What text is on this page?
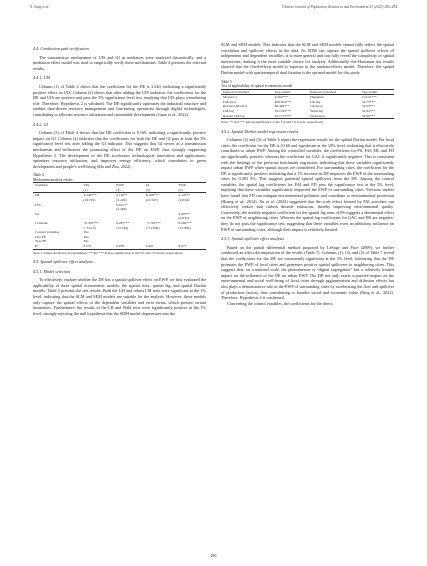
X. Song et al.	Chinese Journal of Population, Resources and Environment 23 (2023) 285–294
4.4. Conduction path verification

The transmission mechanisms of UIS and GI as mediators were analyzed theoretically, and a mediation effect model was used to empirically verify these mechanisms. Table 4 presents the relevant results.

4.4.1. UIS

Column (1) of Table 4 shows that the coefficient for the DE is 3.240, indicating a significantly positive effect on UIS. Column (2) shows that after adding the UIS indicator, the coefficients for the DE and UIS are positive and pass the 5% significance level test, implying that UIS plays a mediating role. Therefore, Hypothesis 2 is validated. The DE significantly optimizes the industrial structure and enables data-driven resource management and fine-tuning operations through digital technologies, contributing to efficient resource utilization and sustainable development (Guan et al., 2022).

4.4.2. GI

Column (3) of Table 4 shows that the DE coefficient is 8.169, indicating a significantly positive impact on GI. Column (4) indicates that the coefficients for both the DE and GI pass at least the 5% significance level test after adding the GI indicator. This suggests that GI serves as a transmission mechanism and influences the promoting effect of the DE on EWP, thus strongly supporting Hypothesis 3. The development of the DE accelerates technological innovation and applications, optimizes resource utilization, and improves energy efficiency, which contributes to green development and people’s well-being (Ma and Zhu, 2022).

Table 4
Mechanism analysis results
Variables	UIS	EWP	GI	EWP
	(1)	(2)	(3)	(4)
DE	3.240***	0.136**	8.169***	0.125**
	(19.701)	(2.229)	(21.347)	(2.034)
UIS		0.015**		
		(2.294)		
GI				0.007**
				(2.633)
Constant	−0.355***	0.287***	−1.763***	0.294***
	(−5.515)	(12.784)	(−11.682)	(12.885)
Control variables	Yes			
City FE	Yes			
Year FE	Yes			
R²	0.551	0.076	0.401	0.077
Note: t-values are shown in parentheses; ** and *** denote significance at the 5% and 1% levels, respectively.
4.5. Spatial spillover effect analysis
4.5.1. Model selection

To effectively explore whether the DE has a spatial spillover effect on EWP, we first evaluated the applicability of three spatial econometric models: the spatial error, spatial lag, and spatial Durbin models. Table 5 presents the test results. Both the LM and robust LM tests were significant at the 1% level, indicating that the SLM and SEM models are suitable for the analysis. However, these models only capture the spatial effects of the dependent variables and error terms, which present certain limitations. Furthermore, the results of the LR and Wald tests were significantly positive at the 1% level, strongly rejecting the null hypothesis that the SDM model degenerates into the

SLM and SEM models. This indicates that the SLM and SEM models cannot fully reflect the spatial correlation and spillover effects in the data. As SDM can capture the spatial spillover effects of independent and dependent variables, it is more general and can fully reveal the complexity of spatial interactions, making it the most suitable choice for analysis. Additionally, the Hausman test results showed that the fixed-effects model is superior to the random-effects model. Therefore, the spatial Durbin model with spatiotemporal dual fixation is the optimal model for this study.

Table 5
Test of applicability of spatial econometric model
Inspection method	Test results	Inspection method	Test results
Moran’s I	4.202***	Hausman	174.31***
LM-error	409.654***	LR-lag	52.73***
Robust LM-error	68.494***	LR-error	55.05***
LM-lag	551.335***	Wald-lag	52.94***
Robust LM-lag	221.175***	Wald-error	54.90***
Note: ** and *** denote significance at the 5% and 1% levels, respectively.
4.5.2. Spatial Durbin model regression results

Columns (1) and (3) of Table 6 report the regression results for the spatial Durbin model. For local cities, the coefficient for the DE is 0.160 and significant at the 10% level, indicating that it effectively contributes to urban EWP. Among the controlled variables, the coefficients for PS, FAI, ER, and FD are significantly positive, whereas the coefficient for GAC is significantly negative. This is consistent with the findings of the previous benchmark regression, indicating that these variables significantly impact urban EWP when spatial factors are considered. For surrounding cities, the coefficient for the DE is significantly positive, indicating that a 1% increase in DE improves the EWP of the surrounding cities by 0.483 5%. This suggests potential spatial spillovers from the DE. Among the control variables, the spatial lag coefficients for FAI and FD pass the significance test at the 5% level, implying that these variables significantly improved the EWP of surrounding cities. Previous studies have found that FD can mitigate environmental pollution and contribute to environmental protection (Huang et al., 2014). Xu et al. (2022) suggested that the scale effect formed by FAI activities can effectively reduce unit carbon dioxide emissions, thereby improving environmental quality. Conversely, the notably negative coefficient for the spatial lag term of PS suggests a detrimental effect on the EWP of neighboring cities. Whereas the spatial lag coefficients for GAC and ER are negative, they do not pass the significance test, suggesting that these variables exert an inhibitory influence on EWP of surrounding cities, although their impact is relatively limited.

4.5.3. Spatial spillover effect analysis

Based on the partial differential method proposed by LeSage and Pace (2009), we further conducted an effect decomposition of the results (Table 7). Columns (1), (3), and (5) of Table 7 reveal that the coefficients for the DE are consistently significant at the 5% level, indicating that the DE promotes the EWP of local cities and generates positive spatial spillovers to neighboring cities. This suggests that, on a national scale, the phenomenon of “digital segregation” has a relatively limited impact on the influence of the DE on urban EWP. The DE not only exerts a positive impact on the environmental and social well-being of local cities through agglomeration and diffusion effects but also plays a demonstrative role in the EWP of surrounding cities by accelerating the flow and spillover of production factors, thus contributing to broader social and economic value (Ding et al., 2022). Therefore, Hypothesis 4 is confirmed.

Concerning the control variables, the coefficients for the direct,

290
